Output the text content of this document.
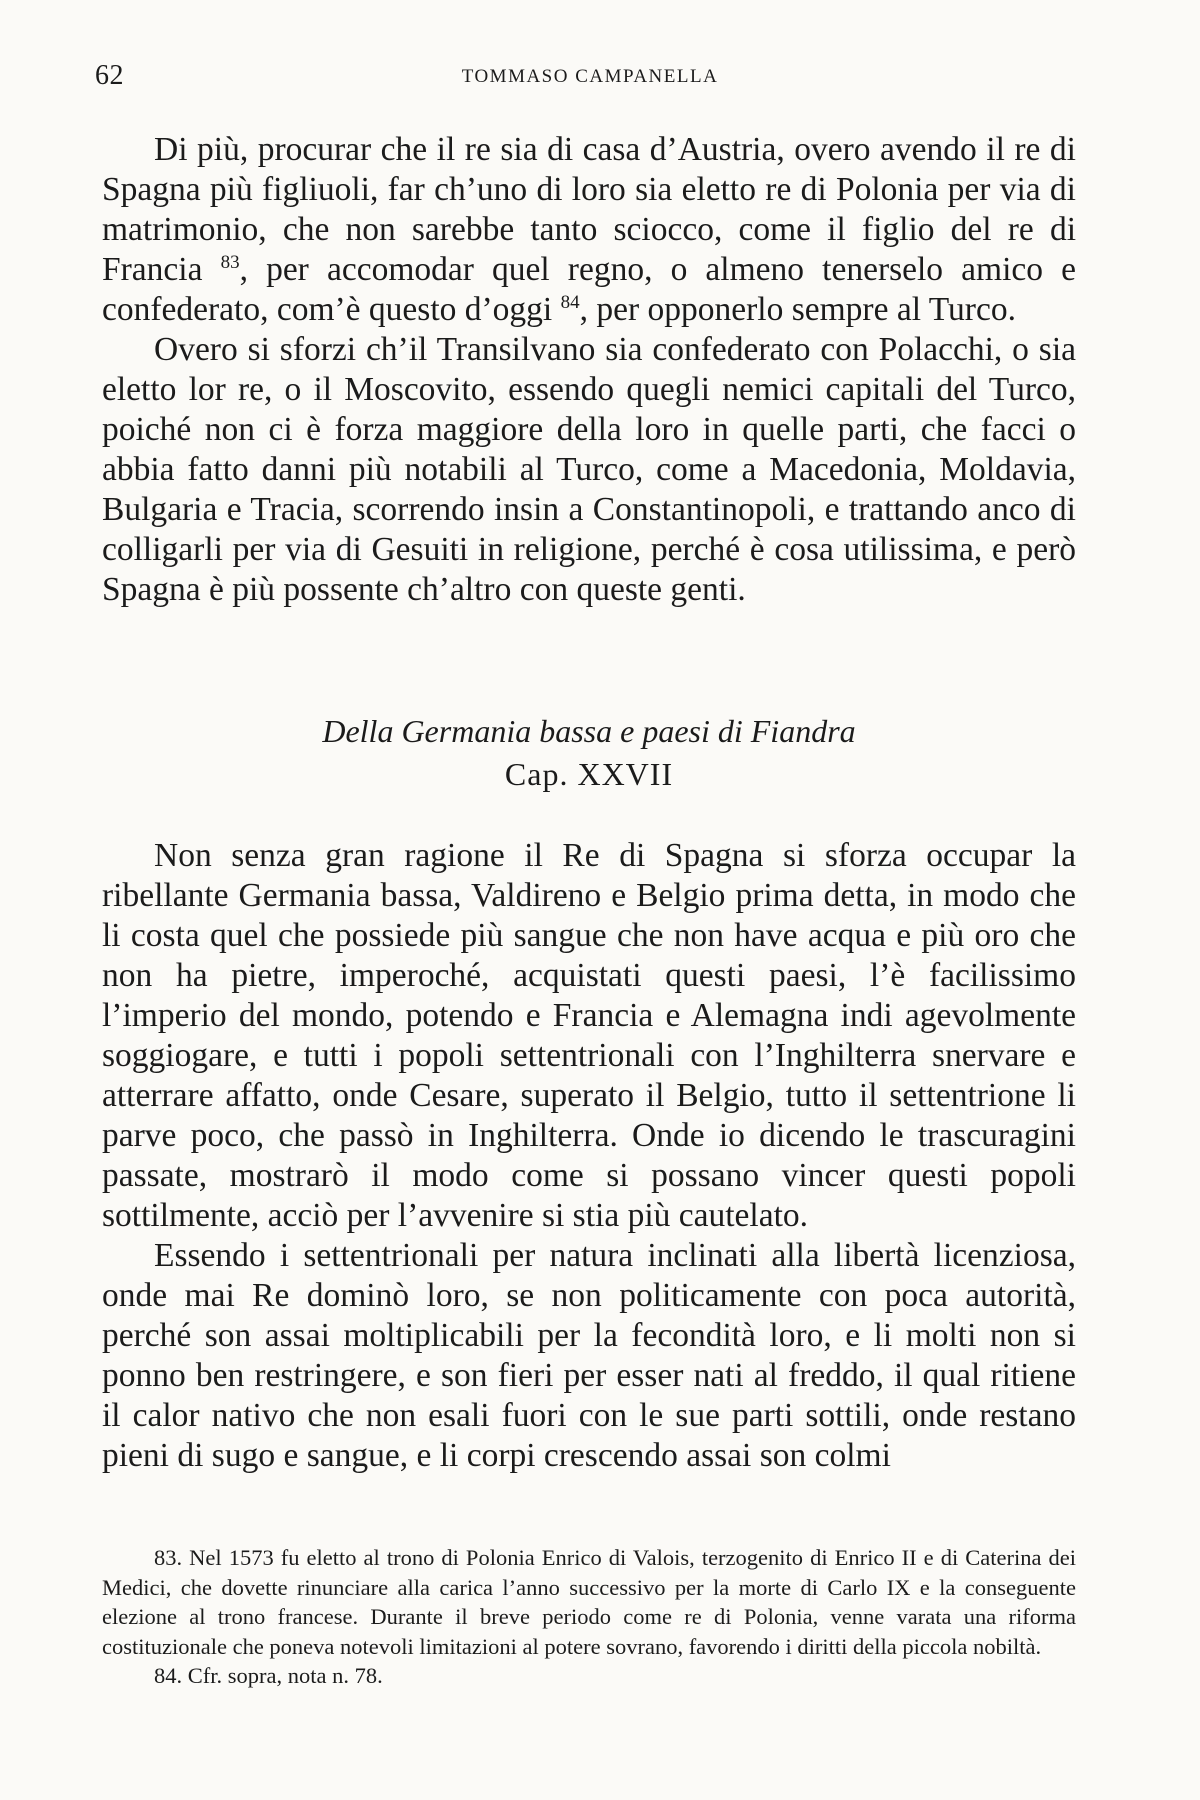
62	TOMMASO CAMPANELLA

Di più, procurar che il re sia di casa d’Austria, overo avendo il re di Spagna più figliuoli, far ch’uno di loro sia eletto re di Polonia per via di matrimonio, che non sarebbe tanto sciocco, come il figlio del re di Francia $^{83}$, per accomodar quel regno, o almeno tenerselo amico e confederato, com’è questo d’oggi $^{84}$, per opponerlo sempre al Turco.

Overo si sforzi ch’il Transilvano sia confederato con Polacchi, o sia eletto lor re, o il Moscovito, essendo quegli nemici capitali del Turco, poiché non ci è forza maggiore della loro in quelle parti, che facci o abbia fatto danni più notabili al Turco, come a Macedonia, Moldavia, Bulgaria e Tracia, scorrendo insin a Constantinopoli, e trattando anco di colligarli per via di Gesuiti in religione, perché è cosa utilissima, e però Spagna è più possente ch’altro con queste genti.

Della Germania bassa e paesi di Fiandra
Cap. XXVII

Non senza gran ragione il Re di Spagna si sforza occupar la ribellante Germania bassa, Valdireno e Belgio prima detta, in modo che li costa quel che possiede più sangue che non have acqua e più oro che non ha pietre, imperoché, acquistati questi paesi, l’è facilissimo l’imperio del mondo, potendo e Francia e Alemagna indi agevolmente soggiogare, e tutti i popoli settentrionali con l’Inghilterra snervare e atterrare affatto, onde Cesare, superato il Belgio, tutto il settentrione li parve poco, che passò in Inghilterra. Onde io dicendo le trascuragini passate, mostrarò il modo come si possano vincer questi popoli sottilmente, acciò per l’avvenire si stia più cautelato.

Essendo i settentrionali per natura inclinati alla libertà licenziosa, onde mai Re dominò loro, se non politicamente con poca autorità, perché son assai moltiplicabili per la fecondità loro, e li molti non si ponno ben restringere, e son fieri per esser nati al freddo, il qual ritiene il calor nativo che non esali fuori con le sue parti sottili, onde restano pieni di sugo e sangue, e li corpi crescendo assai son colmi

83. Nel 1573 fu eletto al trono di Polonia Enrico di Valois, terzogenito di Enrico II e di Caterina dei Medici, che dovette rinunciare alla carica l’anno successivo per la morte di Carlo IX e la conseguente elezione al trono francese. Durante il breve periodo come re di Polonia, venne varata una riforma costituzionale che poneva notevoli limitazioni al potere sovrano, favorendo i diritti della piccola nobiltà.

84. Cfr. sopra, nota n. 78.
